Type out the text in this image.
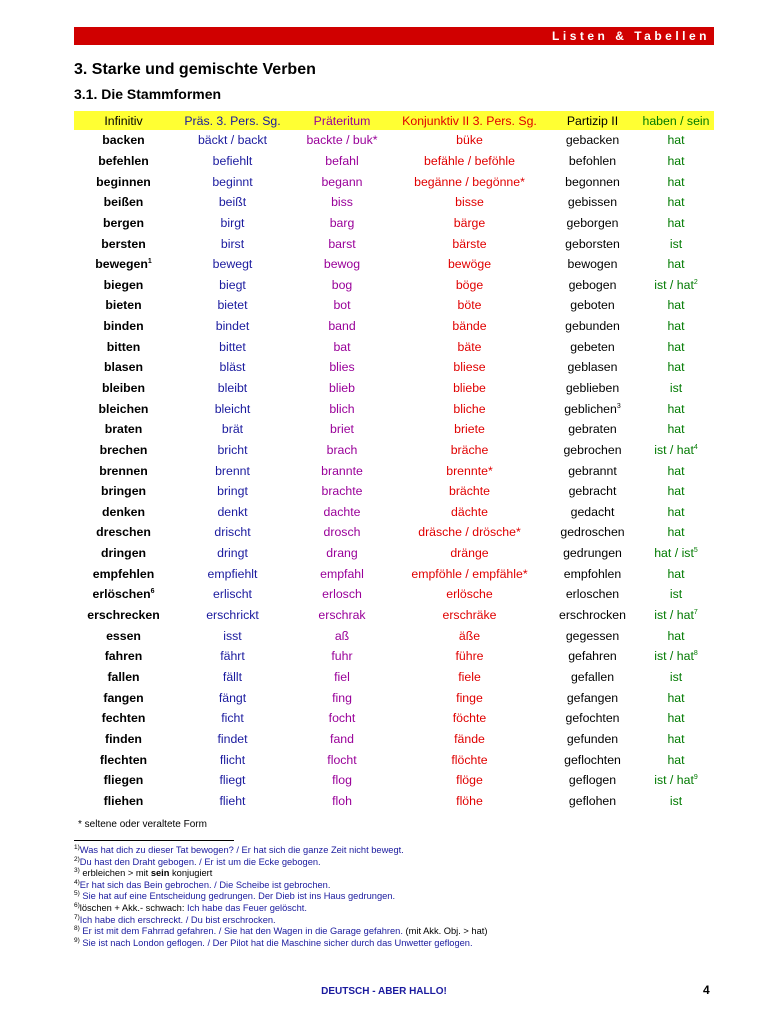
Listen & Tabellen
3. Starke und gemischte Verben
3.1. Die Stammformen
Infinitiv	Präs. 3. Pers. Sg.	Präteritum	Konjunktiv II 3. Pers. Sg.	Partizip II	haben / sein
backen	bäckt / backt	backte / buk*	büke	gebacken	hat
befehlen	befiehlt	befahl	befähle / beföhle	befohlen	hat
beginnen	beginnt	begann	begänne / begönne*	begonnen	hat
beißen	beißt	biss	bisse	gebissen	hat
bergen	birgt	barg	bärge	geborgen	hat
bersten	birst	barst	bärste	geborsten	ist
bewegen$^1$	bewegt	bewog	bewöge	bewogen	hat
biegen	biegt	bog	böge	gebogen	ist / hat$^2$
bieten	bietet	bot	böte	geboten	hat
binden	bindet	band	bände	gebunden	hat
bitten	bittet	bat	bäte	gebeten	hat
blasen	bläst	blies	bliese	geblasen	hat
bleiben	bleibt	blieb	bliebe	geblieben	ist
bleichen	bleicht	blich	bliche	geblichen$^3$	hat
braten	brät	briet	briete	gebraten	hat
brechen	bricht	brach	bräche	gebrochen	ist / hat$^4$
brennen	brennt	brannte	brennte*	gebrannt	hat
bringen	bringt	brachte	brächte	gebracht	hat
denken	denkt	dachte	dächte	gedacht	hat
dreschen	drischt	drosch	dräsche / drösche*	gedroschen	hat
dringen	dringt	drang	dränge	gedrungen	hat / ist$^5$
empfehlen	empfiehlt	empfahl	empföhle / empfähle*	empfohlen	hat
erlöschen$^6$	erlischt	erlosch	erlösche	erloschen	ist
erschrecken	erschrickt	erschrak	erschräke	erschrocken	ist / hat$^7$
essen	isst	aß	äße	gegessen	hat
fahren	fährt	fuhr	führe	gefahren	ist / hat$^8$
fallen	fällt	fiel	fiele	gefallen	ist
fangen	fängt	fing	finge	gefangen	hat
fechten	ficht	focht	föchte	gefochten	hat
finden	findet	fand	fände	gefunden	hat
flechten	flicht	flocht	flöchte	geflochten	hat
fliegen	fliegt	flog	flöge	geflogen	ist / hat$^9$
fliehen	flieht	floh	flöhe	geflohen	ist
* seltene oder veraltete Form
$^{1)}$Was hat dich zu dieser Tat bewogen? / Er hat sich die ganze Zeit nicht bewegt.
$^{2)}$Du hast den Draht gebogen. / Er ist um die Ecke gebogen.
$^{3)}$ erbleichen > mit sein konjugiert
$^{4)}$Er hat sich das Bein gebrochen. / Die Scheibe ist gebrochen.
$^{5)}$ Sie hat auf eine Entscheidung gedrungen. Der Dieb ist ins Haus gedrungen.
$^{6)}$löschen + Akk.- schwach: Ich habe das Feuer gelöscht.
$^{7)}$Ich habe dich erschreckt. / Du bist erschrocken.
$^{8)}$ Er ist mit dem Fahrrad gefahren. / Sie hat den Wagen in die Garage gefahren. (mit Akk. Obj. > hat)
$^{9)}$ Sie ist nach London geflogen. / Der Pilot hat die Maschine sicher durch das Unwetter geflogen.
DEUTSCH - ABER HALLO!	4
